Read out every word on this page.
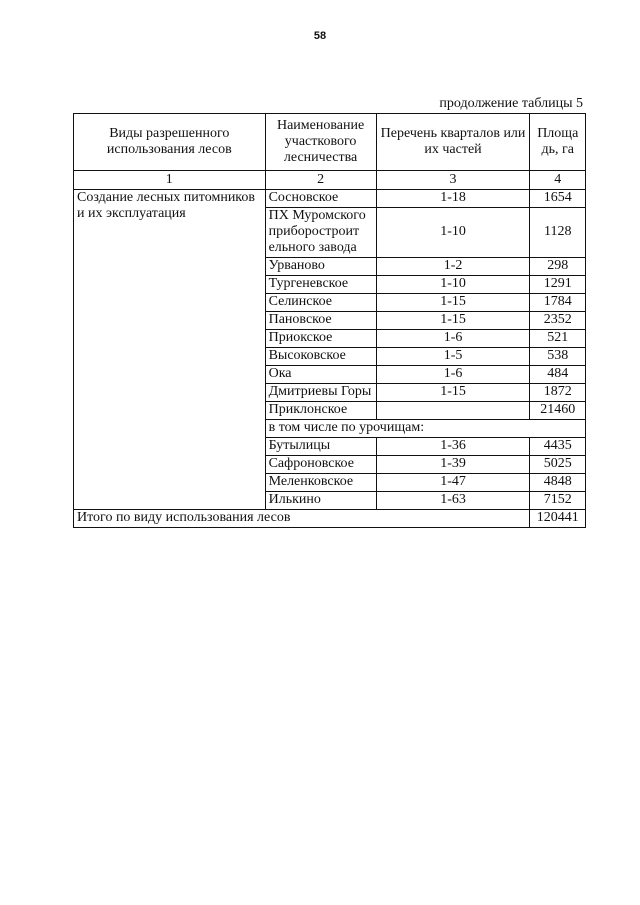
58
продолжение таблицы 5
Виды разрешенного использования лесов	Наименование участкового лесничества	Перечень кварталов или их частей	Площа дь, га
1	2	3	4
Создание лесных питомников и их эксплуатация	Сосновское	1-18	1654
	ПХ Муромского приборостроит ельного завода	1-10	1128
	Урваново	1-2	298
	Тургеневское	1-10	1291
	Селинское	1-15	1784
	Пановское	1-15	2352
	Приокское	1-6	521
	Высоковское	1-5	538
	Ока	1-6	484
	Дмитриевы Горы	1-15	1872
	Приклонское		21460
	в том числе по урочищам:		
	Бутылицы	1-36	4435
	Сафроновское	1-39	5025
	Меленковское	1-47	4848
	Илькино	1-63	7152
Итого по виду использования лесов			120441
